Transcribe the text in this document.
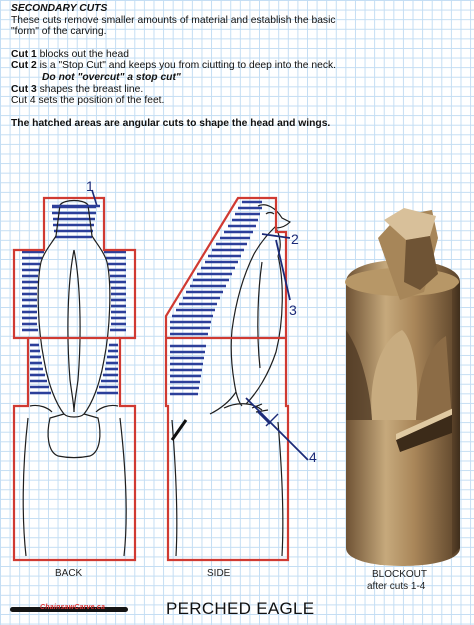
SECONDARY CUTS

These cuts remove smaller amounts of material and establish the basic

"form" of the carving.

Cut 1 blocks out the head

Cut 2 is a "Stop Cut" and keeps you from ciutting to deep into the neck.

Do not "overcut" a stop cut"

Cut 3 shapes the breast line.

Cut 4 sets the position of the feet.

The hatched areas are angular cuts to shape the head and wings.

1
BACK
2
3
4
SIDE	BLOCKOUT
after cuts 1-4
ChainsawCarve.ca	PERCHED EAGLE
